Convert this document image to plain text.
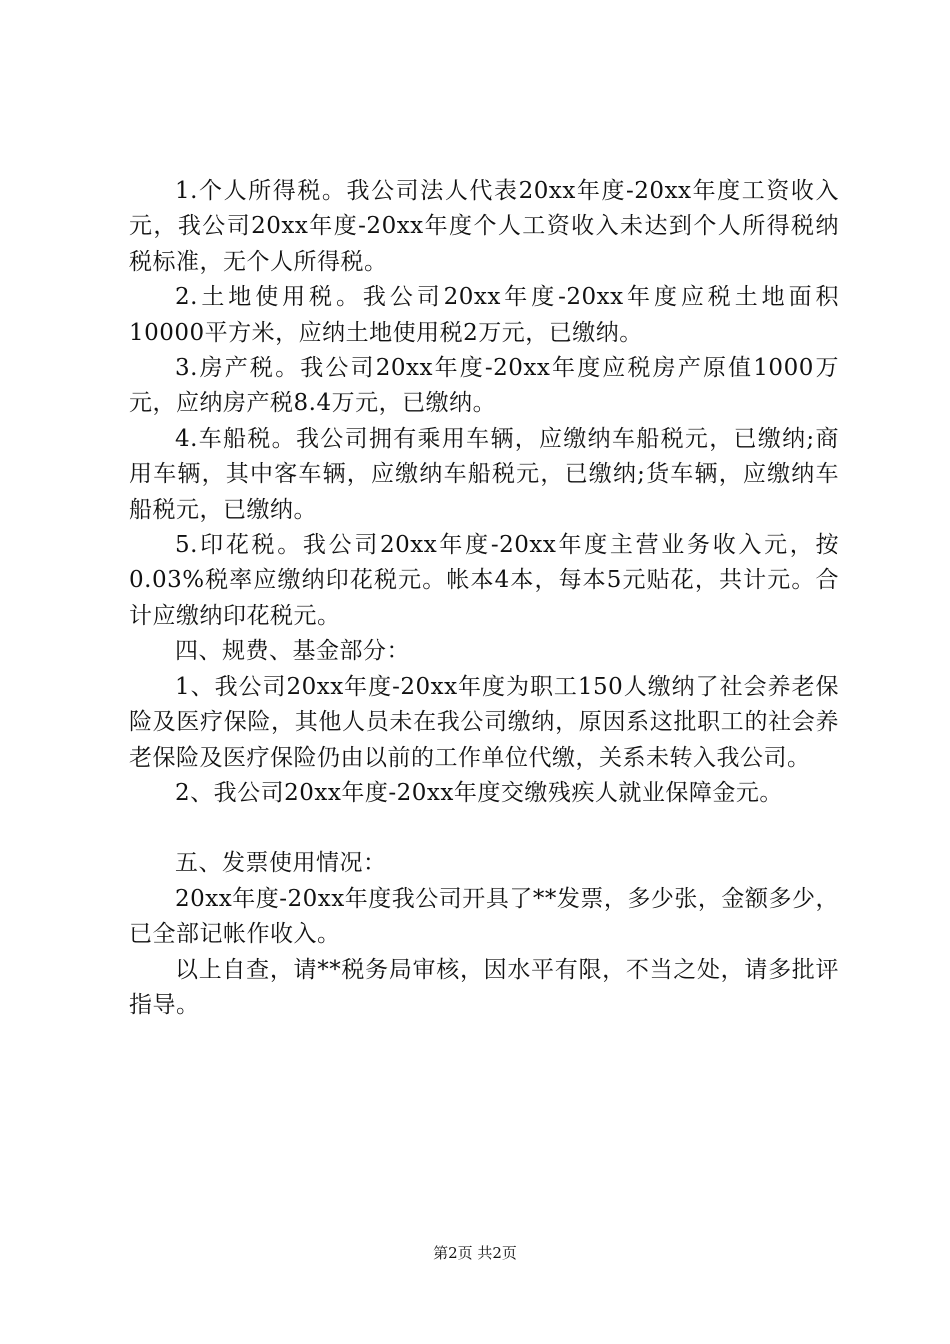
1.个人所得税。我公司法人代表20xx年度-20xx年度工资收入元，我公司20xx年度-20xx年度个人工资收入未达到个人所得税纳税标准，无个人所得税。

2.土地使用税。我公司20xx年度-20xx年度应税土地面积10000平方米，应纳土地使用税2万元，已缴纳。

3.房产税。我公司20xx年度-20xx年度应税房产原值1000万元，应纳房产税8.4万元，已缴纳。

4.车船税。我公司拥有乘用车辆，应缴纳车船税元，已缴纳;商用车辆，其中客车辆，应缴纳车船税元，已缴纳;货车辆，应缴纳车船税元，已缴纳。

5.印花税。我公司20xx年度-20xx年度主营业务收入元，按0.03%税率应缴纳印花税元。帐本4本，每本5元贴花，共计元。合计应缴纳印花税元。

四、规费、基金部分：

1、我公司20xx年度-20xx年度为职工150人缴纳了社会养老保险及医疗保险，其他人员未在我公司缴纳，原因系这批职工的社会养老保险及医疗保险仍由以前的工作单位代缴，关系未转入我公司。

2、我公司20xx年度-20xx年度交缴残疾人就业保障金元。

五、发票使用情况：

20xx年度-20xx年度我公司开具了**发票，多少张，金额多少，已全部记帐作收入。

以上自查，请**税务局审核，因水平有限，不当之处，请多批评指导。

第2页 共2页
